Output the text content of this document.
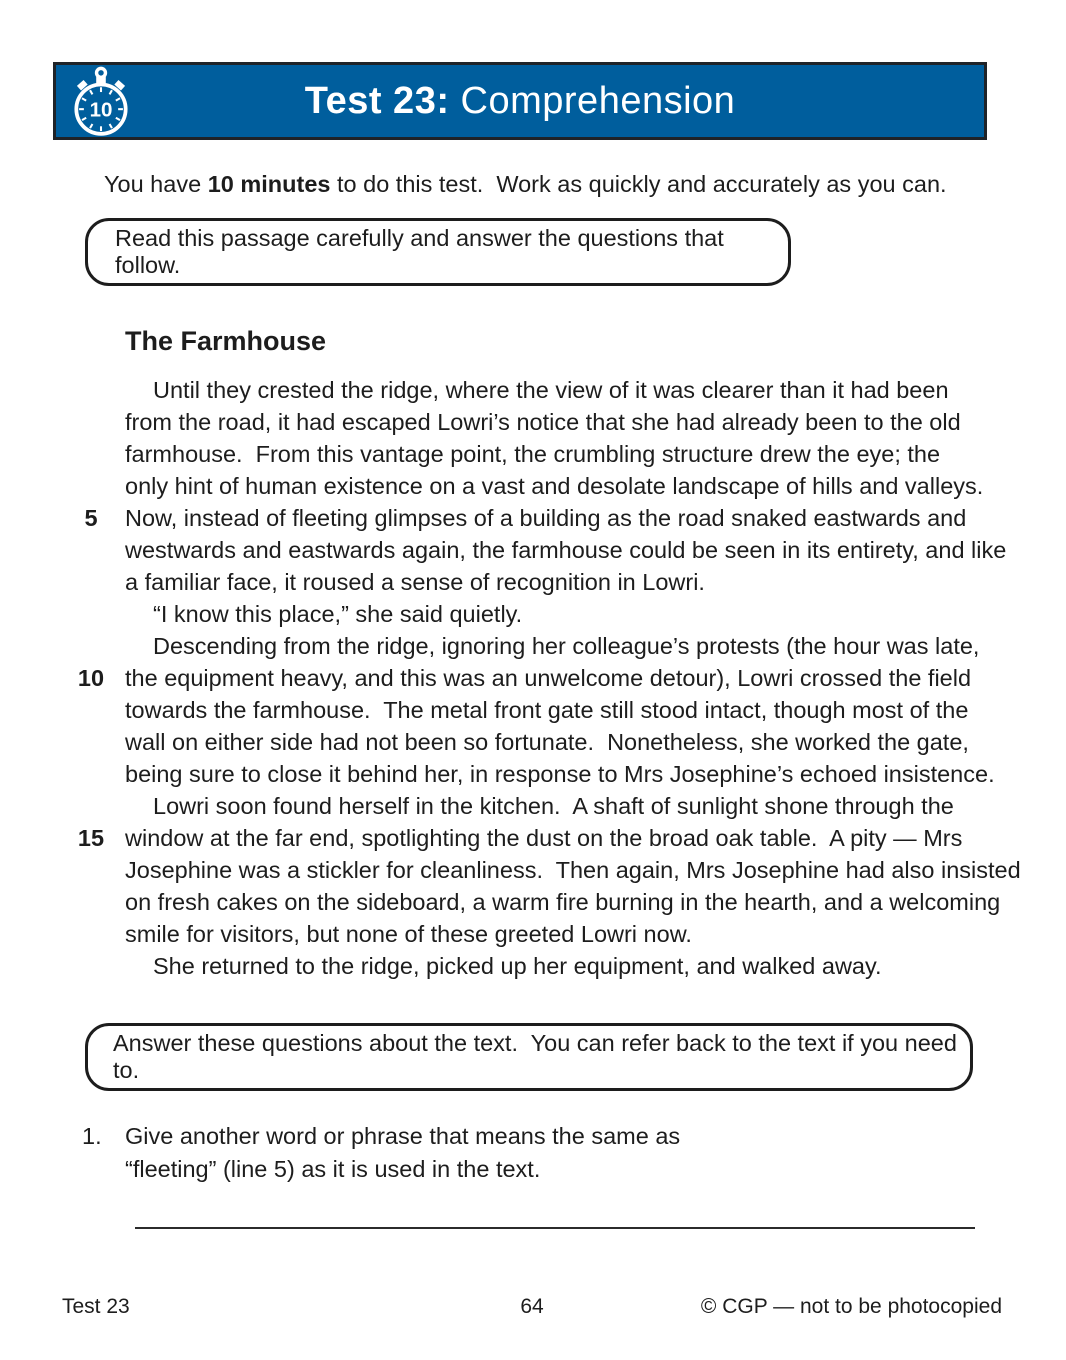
10	Test 23: Comprehension
You have 10 minutes to do this test.  Work as quickly and accurately as you can.
Read this passage carefully and answer the questions that follow.
The Farmhouse
Until they crested the ridge, where the view of it was clearer than it had been
from the road, it had escaped Lowri’s notice that she had already been to the old
farmhouse.  From this vantage point, the crumbling structure drew the eye; the
only hint of human existence on a vast and desolate landscape of hills and valleys.
5	Now, instead of fleeting glimpses of a building as the road snaked eastwards and
westwards and eastwards again, the farmhouse could be seen in its entirety, and like
a familiar face, it roused a sense of recognition in Lowri.
“I know this place,” she said quietly.
Descending from the ridge, ignoring her colleague’s protests (the hour was late,
10 the equipment heavy, and this was an unwelcome detour), Lowri crossed the field
towards the farmhouse.  The metal front gate still stood intact, though most of the
wall on either side had not been so fortunate.  Nonetheless, she worked the gate,
being sure to close it behind her, in response to Mrs Josephine’s echoed insistence.
Lowri soon found herself in the kitchen.  A shaft of sunlight shone through the
15 window at the far end, spotlighting the dust on the broad oak table.  A pity — Mrs
Josephine was a stickler for cleanliness.  Then again, Mrs Josephine had also insisted
on fresh cakes on the sideboard, a warm fire burning in the hearth, and a welcoming
smile for visitors, but none of these greeted Lowri now.
She returned to the ridge, picked up her equipment, and walked away.
Answer these questions about the text.  You can refer back to the text if you need to.
1. Give another word or phrase that means the same as
“fleeting” (line 5) as it is used in the text.
Test 23	64	© CGP — not to be photocopied
